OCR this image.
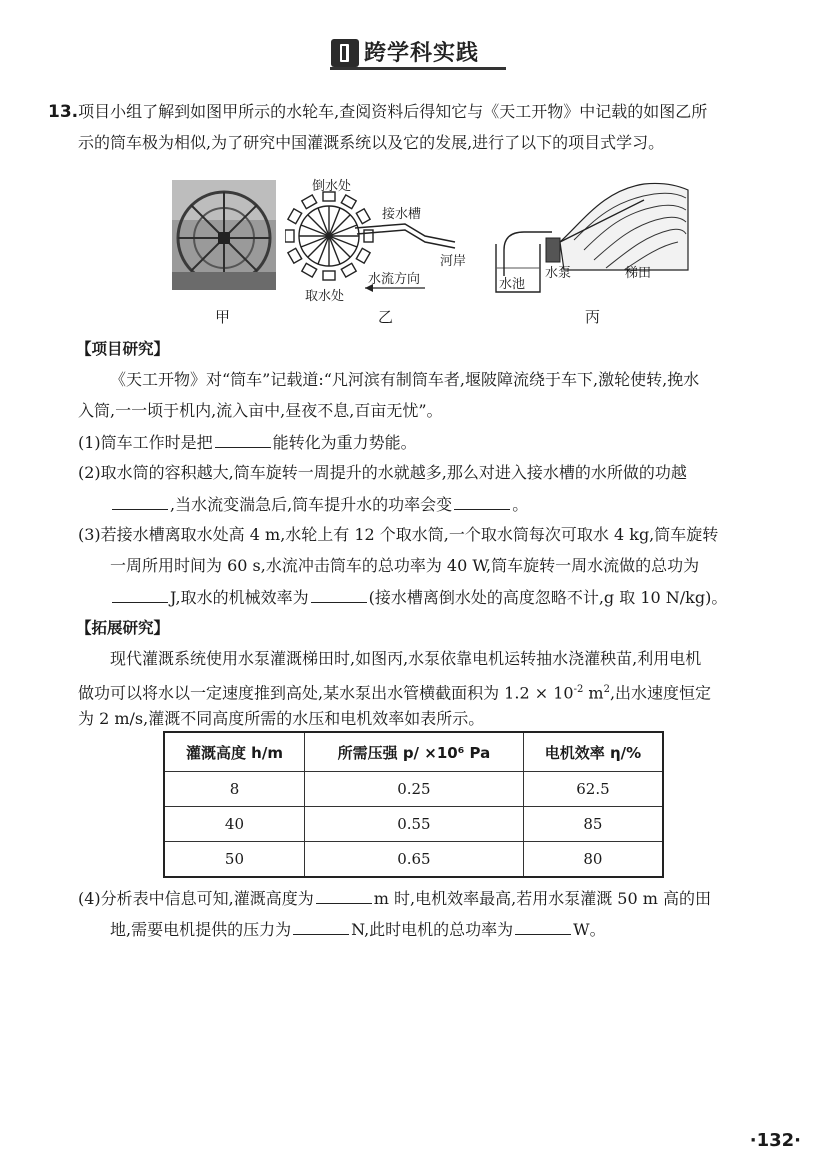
跨学科实践
13.项目小组了解到如图甲所示的水轮车,查阅资料后得知它与《天工开物》中记载的如图乙所
示的筒车极为相似,为了研究中国灌溉系统以及它的发展,进行了以下的项目式学习。
甲
倒水处
接水槽
河岸
水流方向
取水处
乙
水池
水泵	梯田
丙
【项目研究】
《天工开物》对“筒车”记载道:“凡河滨有制筒车者,堰陂障流绕于车下,激轮使转,挽水
入筒,一一顷于机内,流入亩中,昼夜不息,百亩无忧”。
(1)筒车工作时是把	能转化为重力势能。
(2)取水筒的容积越大,筒车旋转一周提升的水就越多,那么对进入接水槽的水所做的功越
,当水流变湍急后,筒车提升水的功率会变	。
(3)若接水槽离取水处高 4 m,水轮上有 12 个取水筒,一个取水筒每次可取水 4 kg,筒车旋转
一周所用时间为 60 s,水流冲击筒车的总功率为 40 W,筒车旋转一周水流做的总功为
J,取水的机械效率为	(接水槽离倒水处的高度忽略不计,g 取 10 N/kg)。
【拓展研究】
现代灌溉系统使用水泵灌溉梯田时,如图丙,水泵依靠电机运转抽水浇灌秧苗,利用电机
做功可以将水以一定速度推到高处,某水泵出水管横截面积为 $1.2 \times 10^{-2}$ $m^2$,出水速度恒定
为 2 m/s,灌溉不同高度所需的水压和电机效率如表所示。
灌溉高度 h/m	所需压强 p/ ×10⁶ Pa	电机效率 η/%
8	0.25	62.5
40	0.55	85
50	0.65	80
(4)分析表中信息可知,灌溉高度为	m 时,电机效率最高,若用水泵灌溉 50 m 高的田
地,需要电机提供的压力为	N,此时电机的总功率为	W。
·132·
